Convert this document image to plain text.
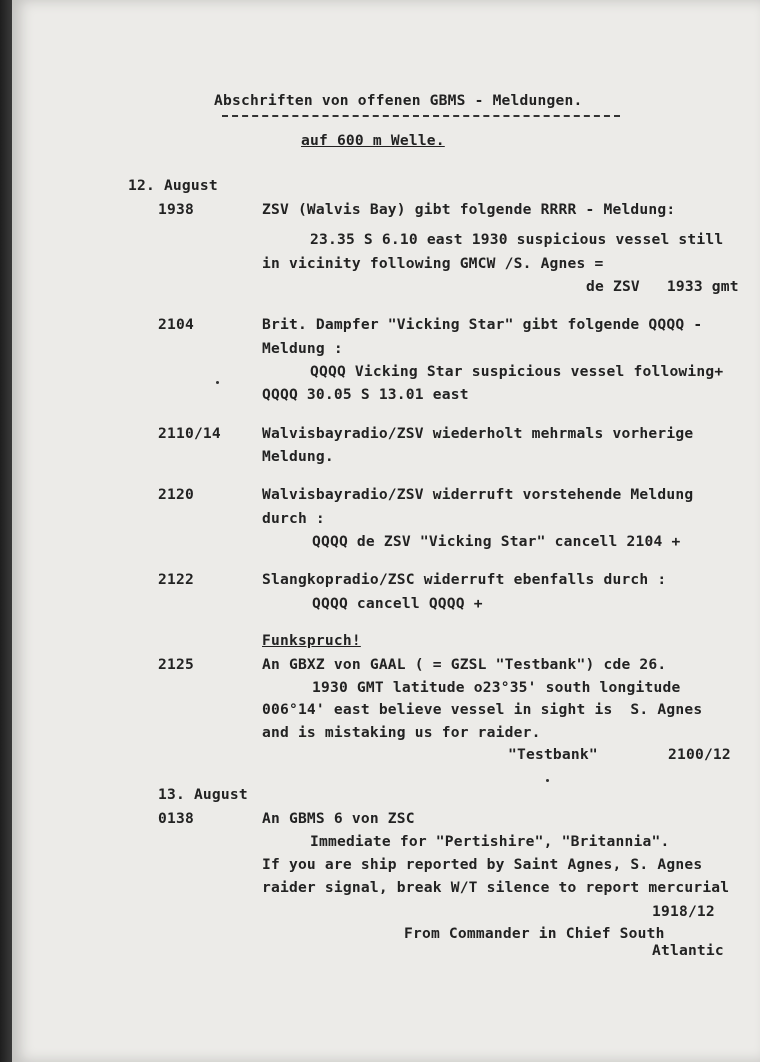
Abschriften von offenen GBMS - Meldungen.
auf 600 m Welle.
12. August
1938	ZSV (Walvis Bay) gibt folgende RRRR - Meldung:
23.35 S 6.10 east 1930 suspicious vessel still
in vicinity following GMCW /S. Agnes =
de ZSV   1933 gmt
2104	Brit. Dampfer "Vicking Star" gibt folgende QQQQ -
Meldung :
QQQQ Vicking Star suspicious vessel following+
QQQQ 30.05 S 13.01 east
2110/14	Walvisbayradio/ZSV wiederholt mehrmals vorherige
Meldung.
2120	Walvisbayradio/ZSV widerruft vorstehende Meldung
durch :
QQQQ de ZSV "Vicking Star" cancell 2104 +
2122	Slangkopradio/ZSC widerruft ebenfalls durch :
QQQQ cancell QQQQ +
Funkspruch!
2125	An GBXZ von GAAL ( = GZSL "Testbank") cde 26.
1930 GMT latitude o23°35' south longitude
006°14' east believe vessel in sight is  S. Agnes
and is mistaking us for raider.
"Testbank"	2100/12
13. August
0138	An GBMS 6 von ZSC
Immediate for "Pertishire", "Britannia".
If you are ship reported by Saint Agnes, S. Agnes
raider signal, break W/T silence to report mercurial
1918/12
From Commander in Chief South
Atlantic
